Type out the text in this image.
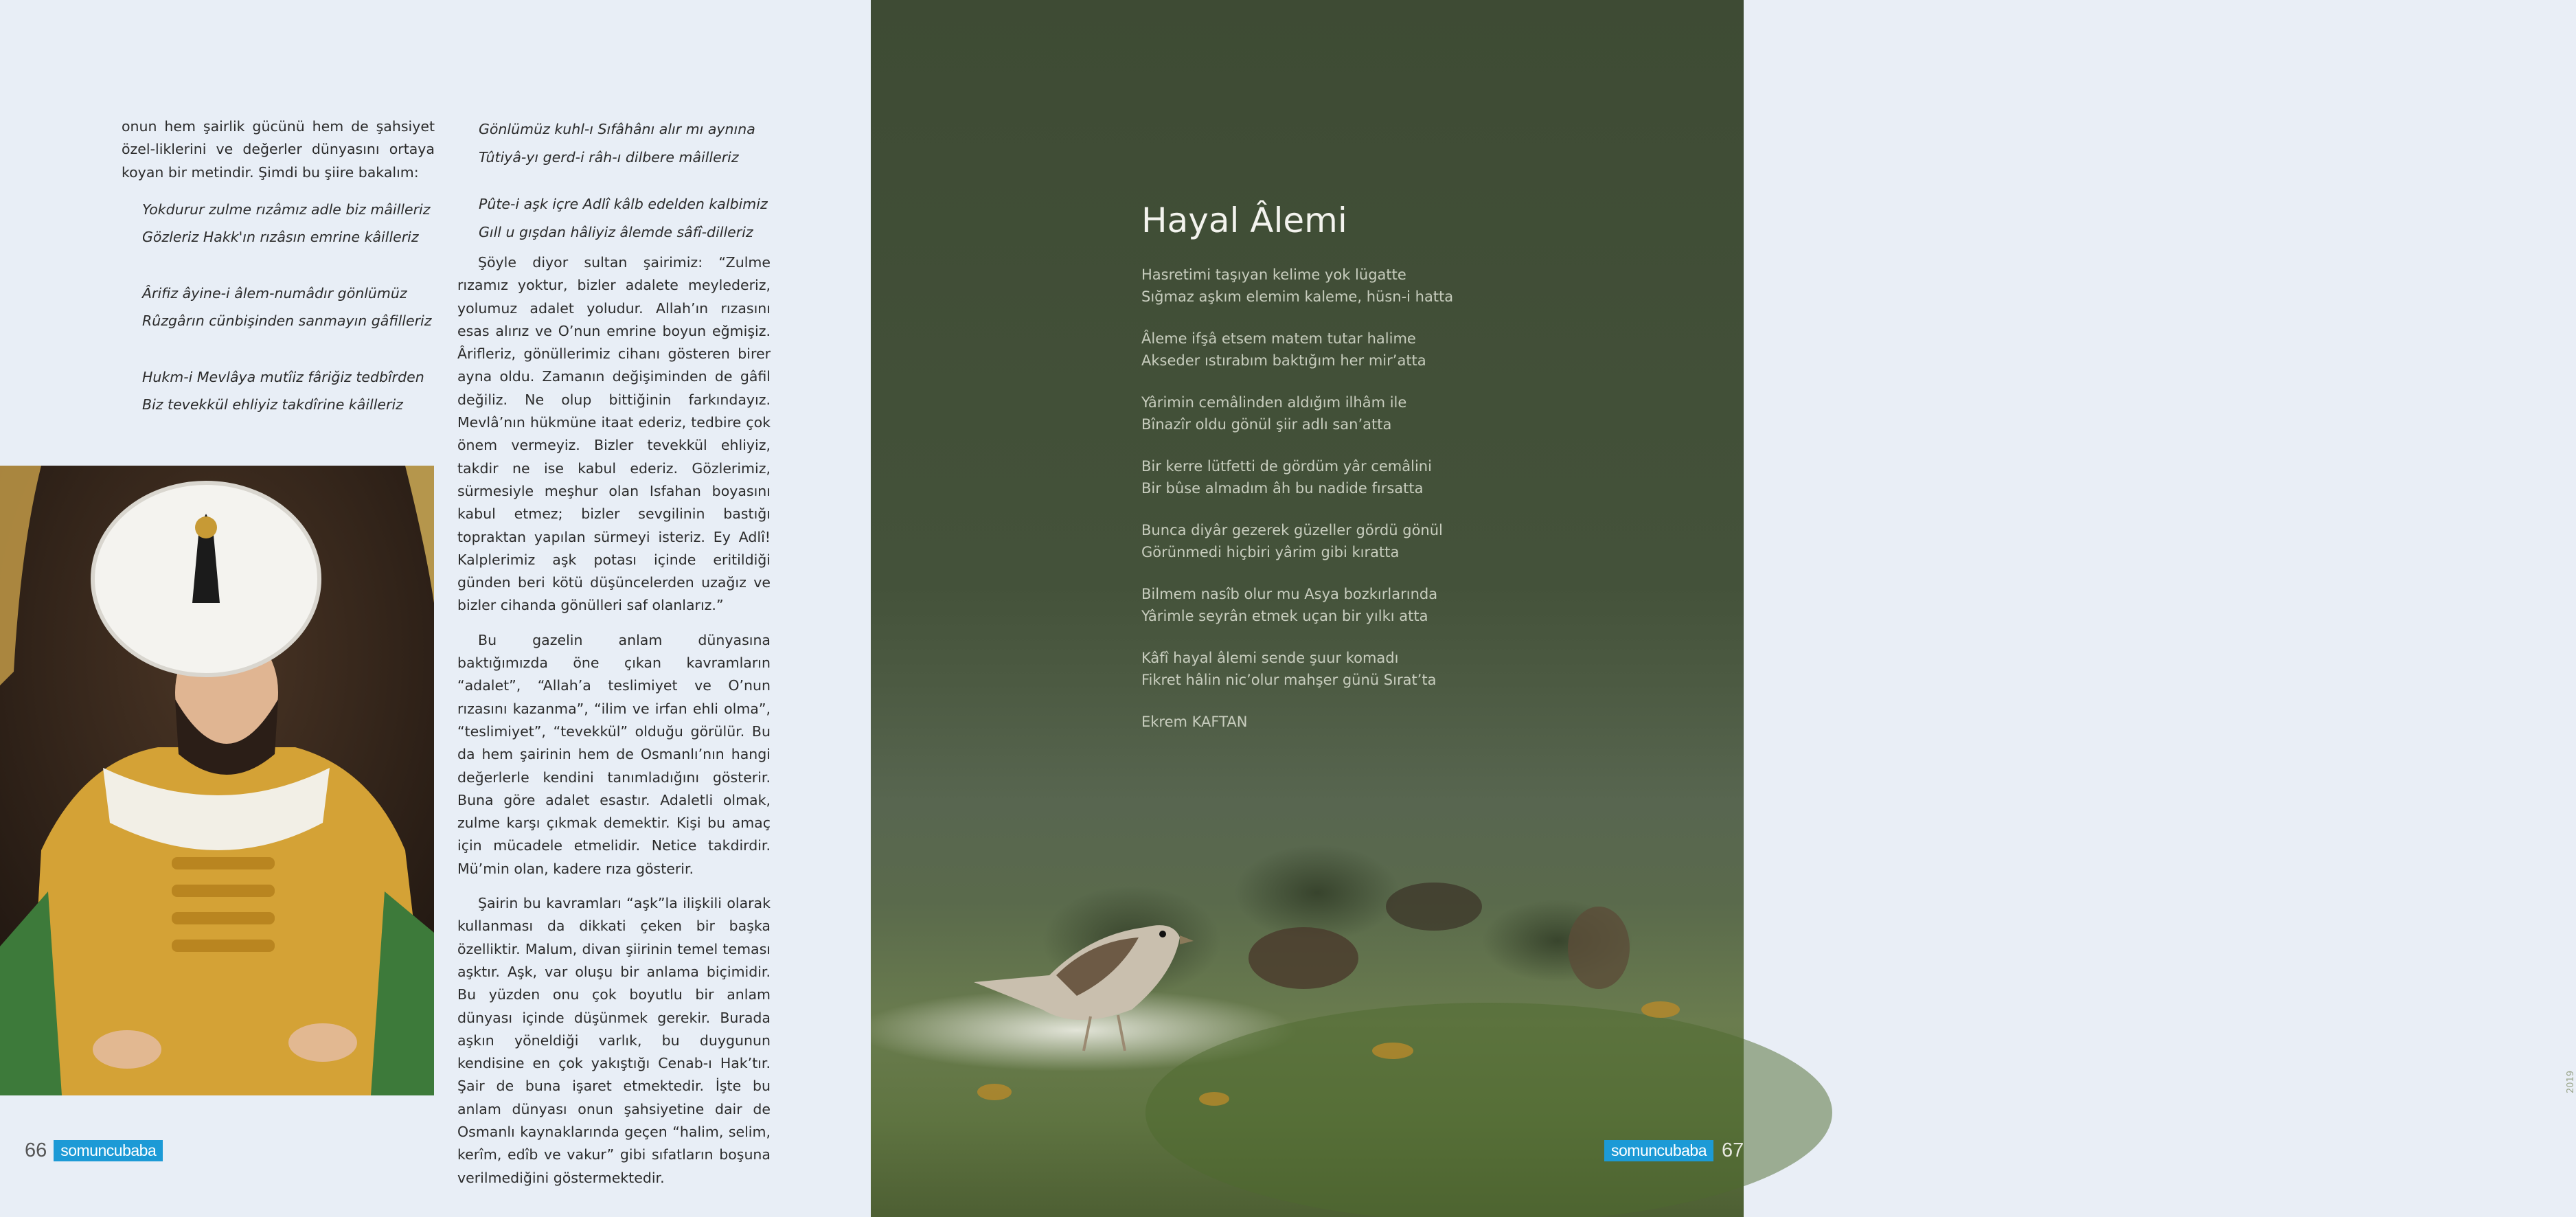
onun hem şairlik gücünü hem de şahsiyet özel-liklerini ve değerler dünyasını ortaya koyan bir metindir. Şimdi bu şiire bakalım:

Yokdurur zulme rızâmız adle biz mâilleriz
Gözleriz Hakk'ın rızâsın emrine kâilleriz
Ârifiz âyine-i âlem-numâdır gönlümüz
Rûzgârın cünbişinden sanmayın gâfilleriz
Hukm-i Mevlâya mutîiz fâriğiz tedbîrden
Biz tevekkül ehliyiz takdîrine kâilleriz
Gönlümüz kuhl-ı Sıfâhânı alır mı aynına
Tûtiyâ-yı gerd-i râh-ı dilbere mâilleriz
Pûte-i aşk içre Adlî kâlb edelden kalbimiz
Gıll u gışdan hâliyiz âlemde sâfî-dilleriz

Şöyle diyor sultan şairimiz: “Zulme rızamız yoktur, bizler adalete meylederiz, yolumuz adalet yoludur. Allah’ın rızasını esas alırız ve O’nun emrine boyun eğmişiz. Ârifleriz, gönüllerimiz cihanı gösteren birer ayna oldu. Zamanın değişiminden de gâfil değiliz. Ne olup bittiğinin farkındayız. Mevlâ’nın hükmüne itaat ederiz, tedbire çok önem vermeyiz. Bizler tevekkül ehliyiz, takdir ne ise kabul ederiz. Gözlerimiz, sürmesiyle meşhur olan Isfahan boyasını kabul etmez; bizler sevgilinin bastığı topraktan yapılan sürmeyi isteriz. Ey Adlî! Kalplerimiz aşk potası içinde eritildiği günden beri kötü düşüncelerden uzağız ve bizler cihanda gönülleri saf olanlarız.”

Bu gazelin anlam dünyasına baktığımızda öne çıkan kavramların “adalet”, “Allah’a teslimiyet ve O’nun rızasını kazanma”, “ilim ve irfan ehli olma”, “teslimiyet”, “tevekkül” olduğu görülür. Bu da hem şairinin hem de Osmanlı’nın hangi değerlerle kendini tanımladığını gösterir. Buna göre adalet esastır. Adaletli olmak, zulme karşı çıkmak demektir. Kişi bu amaç için mücadele etmelidir. Netice takdirdir. Mü’min olan, kadere rıza gösterir.

Şairin bu kavramları “aşk”la ilişkili olarak kullanması da dikkati çeken bir başka özelliktir. Malum, divan şiirinin temel teması aşktır. Aşk, var oluşu bir anlama biçimidir. Bu yüzden onu çok boyutlu bir anlam dünyası içinde düşünmek gerekir. Burada aşkın yöneldiği varlık, bu duygunun kendisine en çok yakıştığı Cenab-ı Hak’tır. Şair de buna işaret etmektedir. İşte bu anlam dünyası onun şahsiyetine dair de Osmanlı kaynaklarında geçen “halim, selim, kerîm, edîb ve vakur” gibi sıfatların boşuna verilmediğini göstermektedir.

66 somuncubaba
2019
Hayal Âlemi
Hasretimi taşıyan kelime yok lügatte
Sığmaz aşkım elemim kaleme, hüsn-i hatta
Âleme ifşâ etsem matem tutar halime
Akseder ıstırabım baktığım her mir’atta
Yârimin cemâlinden aldığım ilhâm ile
Bînazîr oldu gönül şiir adlı san’atta
Bir kerre lütfetti de gördüm yâr cemâlini
Bir bûse almadım âh bu nadide fırsatta
Bunca diyâr gezerek güzeller gördü gönül
Görünmedi hiçbiri yârim gibi kıratta
Bilmem nasîb olur mu Asya bozkırlarında
Yârimle seyrân etmek uçan bir yılkı atta
Kâfî hayal âlemi sende şuur komadı
Fikret hâlin nic’olur mahşer günü Sırat’ta
Ekrem KAFTAN
somuncubaba 67
